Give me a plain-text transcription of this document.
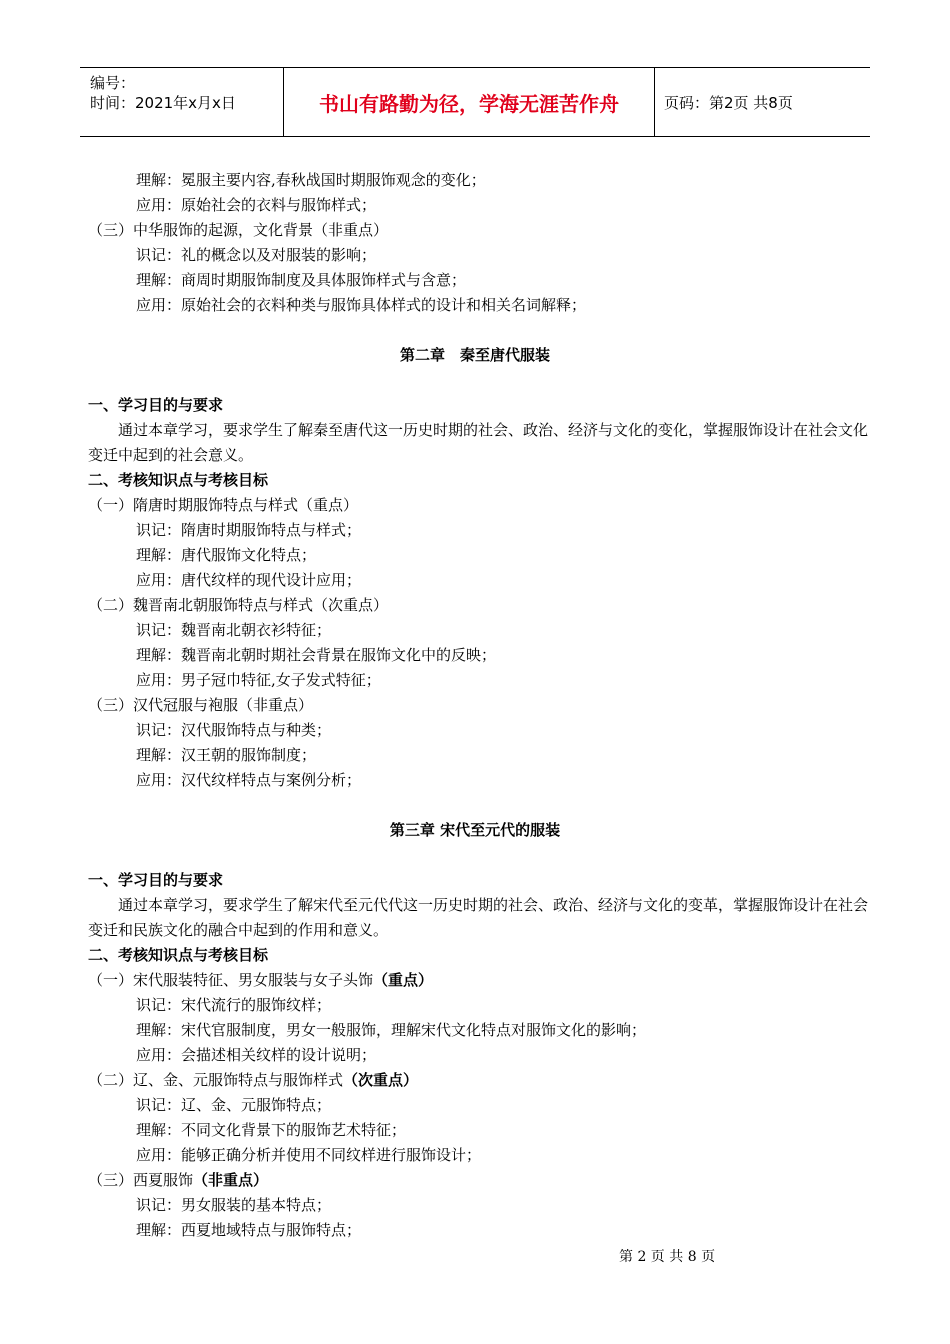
编号：
时间：2021年x月x日	书山有路勤为径，学海无涯苦作舟	页码：第2页 共8页
理解：冕服主要内容,春秋战国时期服饰观念的变化；
应用：原始社会的衣料与服饰样式；
（三）中华服饰的起源，文化背景（非重点）
识记：礼的概念以及对服装的影响；
理解：商周时期服饰制度及具体服饰样式与含意；
应用：原始社会的衣料种类与服饰具体样式的设计和相关名词解释；
第二章　秦至唐代服装
一、学习目的与要求
通过本章学习，要求学生了解秦至唐代这一历史时期的社会、政治、经济与文化的变化，掌握服饰设计在社会文化变迁中起到的社会意义。
二、考核知识点与考核目标
（一）隋唐时期服饰特点与样式（重点）
识记：隋唐时期服饰特点与样式；
理解：唐代服饰文化特点；
应用：唐代纹样的现代设计应用；
（二）魏晋南北朝服饰特点与样式（次重点）
识记：魏晋南北朝衣衫特征；
理解：魏晋南北朝时期社会背景在服饰文化中的反映；
应用：男子冠巾特征,女子发式特征；
（三）汉代冠服与袍服（非重点）
识记：汉代服饰特点与种类；
理解：汉王朝的服饰制度；
应用：汉代纹样特点与案例分析；
第三章 宋代至元代的服装
一、学习目的与要求
通过本章学习，要求学生了解宋代至元代代这一历史时期的社会、政治、经济与文化的变革，掌握服饰设计在社会变迁和民族文化的融合中起到的作用和意义。
二、考核知识点与考核目标
（一）宋代服装特征、男女服装与女子头饰（重点）
识记：宋代流行的服饰纹样；
理解：宋代官服制度，男女一般服饰，理解宋代文化特点对服饰文化的影响；
应用：会描述相关纹样的设计说明；
（二）辽、金、元服饰特点与服饰样式（次重点）
识记：辽、金、元服饰特点；
理解：不同文化背景下的服饰艺术特征；
应用：能够正确分析并使用不同纹样进行服饰设计；
（三）西夏服饰（非重点）
识记：男女服装的基本特点；
理解：西夏地域特点与服饰特点；
第 2 页 共 8 页
